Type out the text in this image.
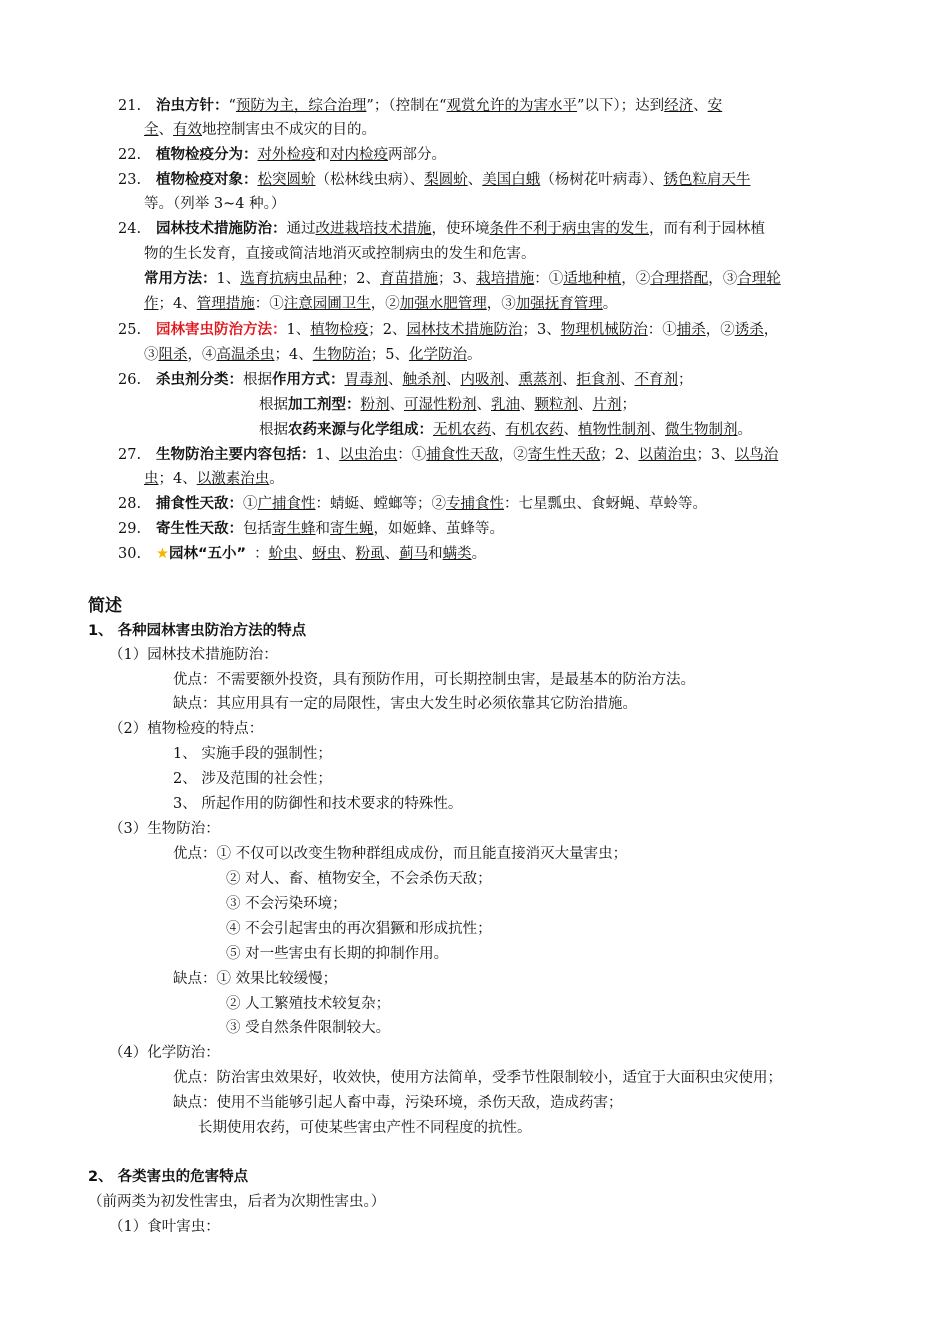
21. 治虫方针：“预防为主，综合治理”；（控制在“观赏允许的为害水平”以下）；达到经济、安
全、有效地控制害虫不成灾的目的。
22. 植物检疫分为：对外检疫和对内检疫两部分。
23. 植物检疫对象：松突圆蚧（松林线虫病）、梨圆蚧、美国白蛾（杨树花叶病毒）、锈色粒肩天牛
等。（列举 3~4 种。）
24. 园林技术措施防治：通过改进栽培技术措施，使环境条件不利于病虫害的发生，而有利于园林植
物的生长发育，直接或简洁地消灭或控制病虫的发生和危害。
常用方法：1、选育抗病虫品种；2、育苗措施；3、栽培措施：①适地种植，②合理搭配，③合理轮
作；4、管理措施：①注意园圃卫生，②加强水肥管理，③加强抚育管理。
25. 园林害虫防治方法：1、植物检疫；2、园林技术措施防治；3、物理机械防治：①捕杀，②诱杀，
③阻杀，④高温杀虫；4、生物防治；5、化学防治。
26. 杀虫剂分类：根据作用方式：胃毒剂、触杀剂、内吸剂、熏蒸剂、拒食剂、不育剂；
根据加工剂型：粉剂、可湿性粉剂、乳油、颗粒剂、片剂；
根据农药来源与化学组成：无机农药、有机农药、植物性制剂、微生物制剂。
27. 生物防治主要内容包括：1、以虫治虫：①捕食性天敌，②寄生性天敌；2、以菌治虫；3、以鸟治
虫；4、以激素治虫。
28. 捕食性天敌：①广捕食性：蜻蜓、螳螂等；②专捕食性：七星瓢虫、食蚜蝇、草蛉等。
29. 寄生性天敌：包括寄生蜂和寄生蝇，如姬蜂、茧蜂等。
30. ★园林“五小” ：蚧虫、蚜虫、粉虱、蓟马和螨类。
简述
1、 各种园林害虫防治方法的特点
（1）园林技术措施防治：
优点：不需要额外投资，具有预防作用，可长期控制虫害，是最基本的防治方法。
缺点：其应用具有一定的局限性，害虫大发生时必须依靠其它防治措施。
（2）植物检疫的特点：
1、 实施手段的强制性；
2、 涉及范围的社会性；
3、 所起作用的防御性和技术要求的特殊性。
（3）生物防治：
优点：① 不仅可以改变生物种群组成成份，而且能直接消灭大量害虫；
② 对人、畜、植物安全，不会杀伤天敌；
③ 不会污染环境；
④ 不会引起害虫的再次猖獗和形成抗性；
⑤ 对一些害虫有长期的抑制作用。
缺点：① 效果比较缓慢；
② 人工繁殖技术较复杂；
③ 受自然条件限制较大。
（4）化学防治：
优点：防治害虫效果好，收效快，使用方法简单，受季节性限制较小，适宜于大面积虫灾使用；
缺点：使用不当能够引起人畜中毒，污染环境，杀伤天敌，造成药害；
长期使用农药，可使某些害虫产性不同程度的抗性。
2、 各类害虫的危害特点
（前两类为初发性害虫，后者为次期性害虫。）
（1）食叶害虫：
